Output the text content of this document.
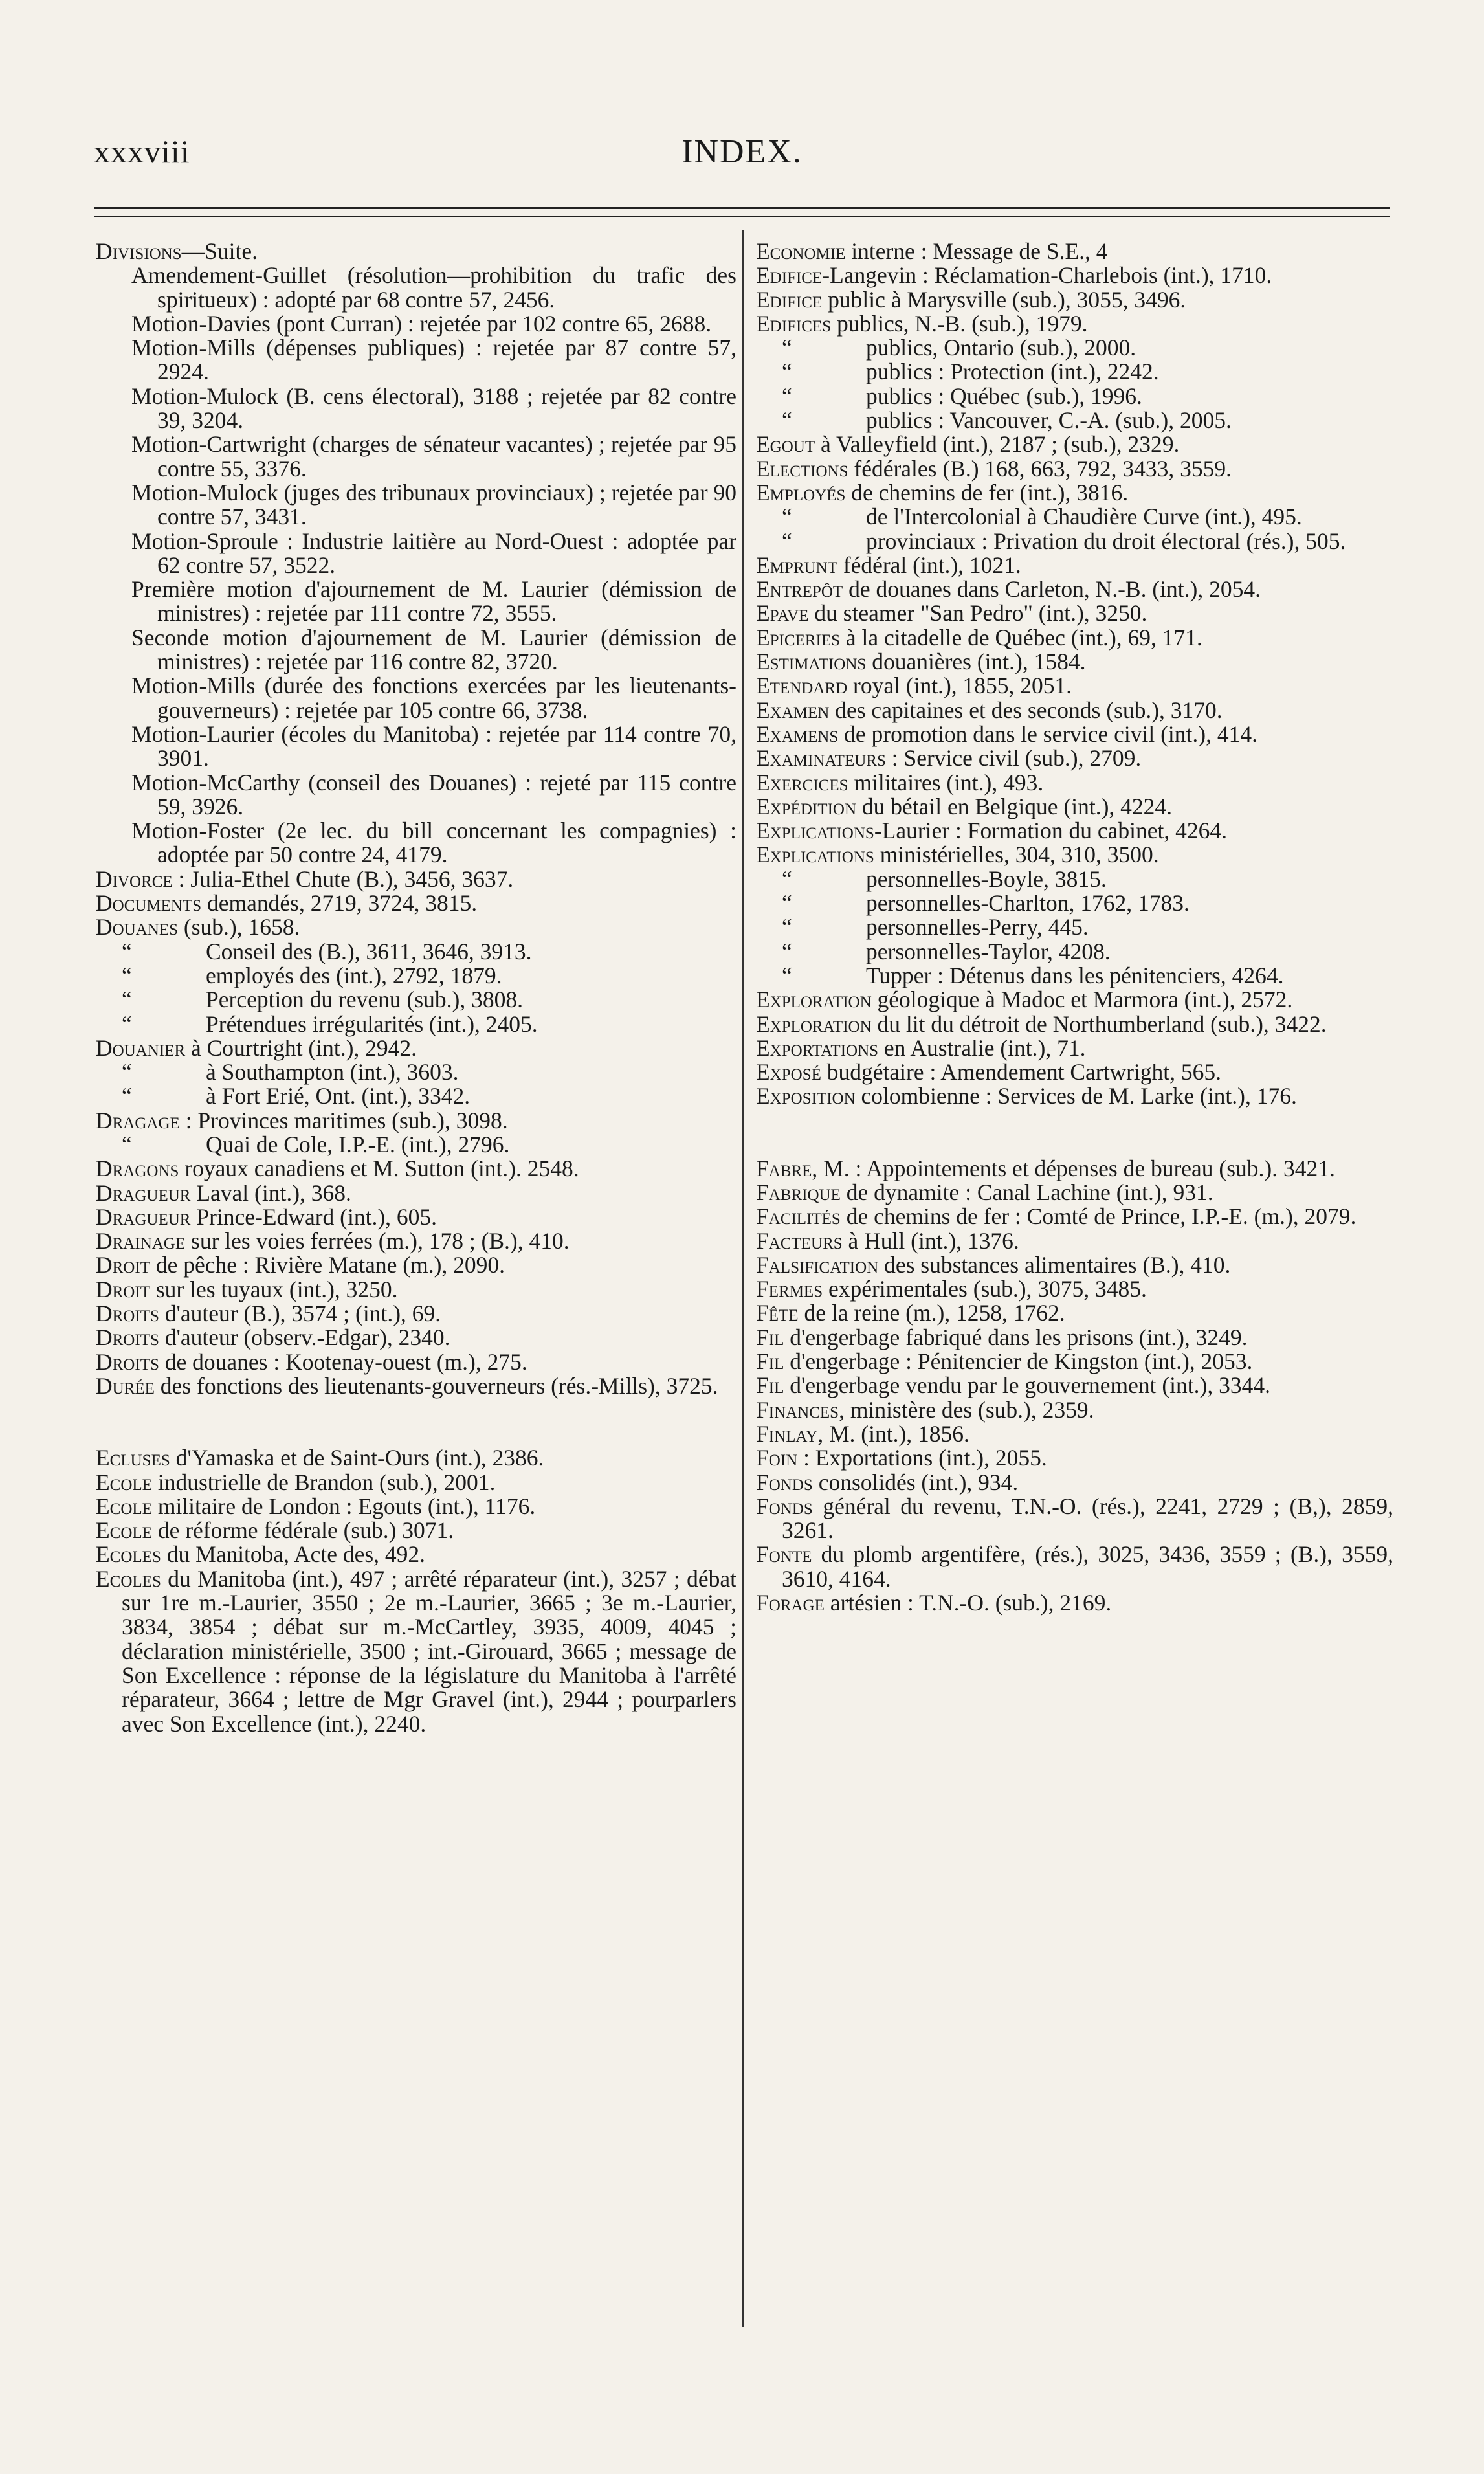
xxxviii	INDEX.

Divisions—Suite.

Amendement-Guillet (résolution—prohibition du trafic des spiritueux) : adopté par 68 contre 57, 2456.

Motion-Davies (pont Curran) : rejetée par 102 contre 65, 2688.

Motion-Mills (dépenses publiques) : rejetée par 87 contre 57, 2924.

Motion-Mulock (B. cens électoral), 3188 ; rejetée par 82 contre 39, 3204.

Motion-Cartwright (charges de sénateur vacantes) ; rejetée par 95 contre 55, 3376.

Motion-Mulock (juges des tribunaux provinciaux) ; rejetée par 90 contre 57, 3431.

Motion-Sproule : Industrie laitière au Nord-Ouest : adoptée par 62 contre 57, 3522.

Première motion d'ajournement de M. Laurier (démission de ministres) : rejetée par 111 contre 72, 3555.

Seconde motion d'ajournement de M. Laurier (démission de ministres) : rejetée par 116 contre 82, 3720.

Motion-Mills (durée des fonctions exercées par les lieutenants-gouverneurs) : rejetée par 105 contre 66, 3738.

Motion-Laurier (écoles du Manitoba) : rejetée par 114 contre 70, 3901.

Motion-McCarthy (conseil des Douanes) : rejeté par 115 contre 59, 3926.

Motion-Foster (2e lec. du bill concernant les compagnies) : adoptée par 50 contre 24, 4179.

Divorce : Julia-Ethel Chute (B.), 3456, 3637.

Documents demandés, 2719, 3724, 3815.

Douanes (sub.), 1658.

“	Conseil des (B.), 3611, 3646, 3913.

“	employés des (int.), 2792, 1879.

“	Perception du revenu (sub.), 3808.

“	Prétendues irrégularités (int.), 2405.

Douanier à Courtright (int.), 2942.

“	à Southampton (int.), 3603.

“	à Fort Erié, Ont. (int.), 3342.

Dragage : Provinces maritimes (sub.), 3098.

“	Quai de Cole, I.P.-E. (int.), 2796.

Dragons royaux canadiens et M. Sutton (int.). 2548.

Dragueur Laval (int.), 368.

Dragueur Prince-Edward (int.), 605.

Drainage sur les voies ferrées (m.), 178 ; (B.), 410.

Droit de pêche : Rivière Matane (m.), 2090.

Droit sur les tuyaux (int.), 3250.

Droits d'auteur (B.), 3574 ; (int.), 69.

Droits d'auteur (observ.-Edgar), 2340.

Droits de douanes : Kootenay-ouest (m.), 275.

Durée des fonctions des lieutenants-gouverneurs (rés.-Mills), 3725.

Ecluses d'Yamaska et de Saint-Ours (int.), 2386.

Ecole industrielle de Brandon (sub.), 2001.

Ecole militaire de London : Egouts (int.), 1176.

Ecole de réforme fédérale (sub.) 3071.

Ecoles du Manitoba, Acte des, 492.

Ecoles du Manitoba (int.), 497 ; arrêté réparateur (int.), 3257 ; débat sur 1re m.-Laurier, 3550 ; 2e m.-Laurier, 3665 ; 3e m.-Laurier, 3834, 3854 ; débat sur m.-McCartley, 3935, 4009, 4045 ; déclaration ministérielle, 3500 ; int.-Girouard, 3665 ; message de Son Excellence : réponse de la législature du Manitoba à l'arrêté réparateur, 3664 ; lettre de Mgr Gravel (int.), 2944 ; pourparlers avec Son Excellence (int.), 2240.

Economie interne : Message de S.E., 4

Edifice-Langevin : Réclamation-Charlebois (int.), 1710.

Edifice public à Marysville (sub.), 3055, 3496.

Edifices publics, N.-B. (sub.), 1979.

“	publics, Ontario (sub.), 2000.

“	publics : Protection (int.), 2242.

“	publics : Québec (sub.), 1996.

“	publics : Vancouver, C.-A. (sub.), 2005.

Egout à Valleyfield (int.), 2187 ; (sub.), 2329.

Elections fédérales (B.) 168, 663, 792, 3433, 3559.

Employés de chemins de fer (int.), 3816.

“	de l'Intercolonial à Chaudière Curve (int.), 495.

“	provinciaux : Privation du droit électoral (rés.), 505.

Emprunt fédéral (int.), 1021.

Entrepôt de douanes dans Carleton, N.-B. (int.), 2054.

Epave du steamer "San Pedro" (int.), 3250.

Epiceries à la citadelle de Québec (int.), 69, 171.

Estimations douanières (int.), 1584.

Etendard royal (int.), 1855, 2051.

Examen des capitaines et des seconds (sub.), 3170.

Examens de promotion dans le service civil (int.), 414.

Examinateurs : Service civil (sub.), 2709.

Exercices militaires (int.), 493.

Expédition du bétail en Belgique (int.), 4224.

Explications-Laurier : Formation du cabinet, 4264.

Explications ministérielles, 304, 310, 3500.

“	personnelles-Boyle, 3815.

“	personnelles-Charlton, 1762, 1783.

“	personnelles-Perry, 445.

“	personnelles-Taylor, 4208.

“	Tupper : Détenus dans les pénitenciers, 4264.

Exploration géologique à Madoc et Marmora (int.), 2572.

Exploration du lit du détroit de Northumberland (sub.), 3422.

Exportations en Australie (int.), 71.

Exposé budgétaire : Amendement Cartwright, 565.

Exposition colombienne : Services de M. Larke (int.), 176.

Fabre, M. : Appointements et dépenses de bureau (sub.). 3421.

Fabrique de dynamite : Canal Lachine (int.), 931.

Facilités de chemins de fer : Comté de Prince, I.P.-E. (m.), 2079.

Facteurs à Hull (int.), 1376.

Falsification des substances alimentaires (B.), 410.

Fermes expérimentales (sub.), 3075, 3485.

Fête de la reine (m.), 1258, 1762.

Fil d'engerbage fabriqué dans les prisons (int.), 3249.

Fil d'engerbage : Pénitencier de Kingston (int.), 2053.

Fil d'engerbage vendu par le gouvernement (int.), 3344.

Finances, ministère des (sub.), 2359.

Finlay, M. (int.), 1856.

Foin : Exportations (int.), 2055.

Fonds consolidés (int.), 934.

Fonds général du revenu, T.N.-O. (rés.), 2241, 2729 ; (B,), 2859, 3261.

Fonte du plomb argentifère, (rés.), 3025, 3436, 3559 ; (B.), 3559, 3610, 4164.

Forage artésien : T.N.-O. (sub.), 2169.
